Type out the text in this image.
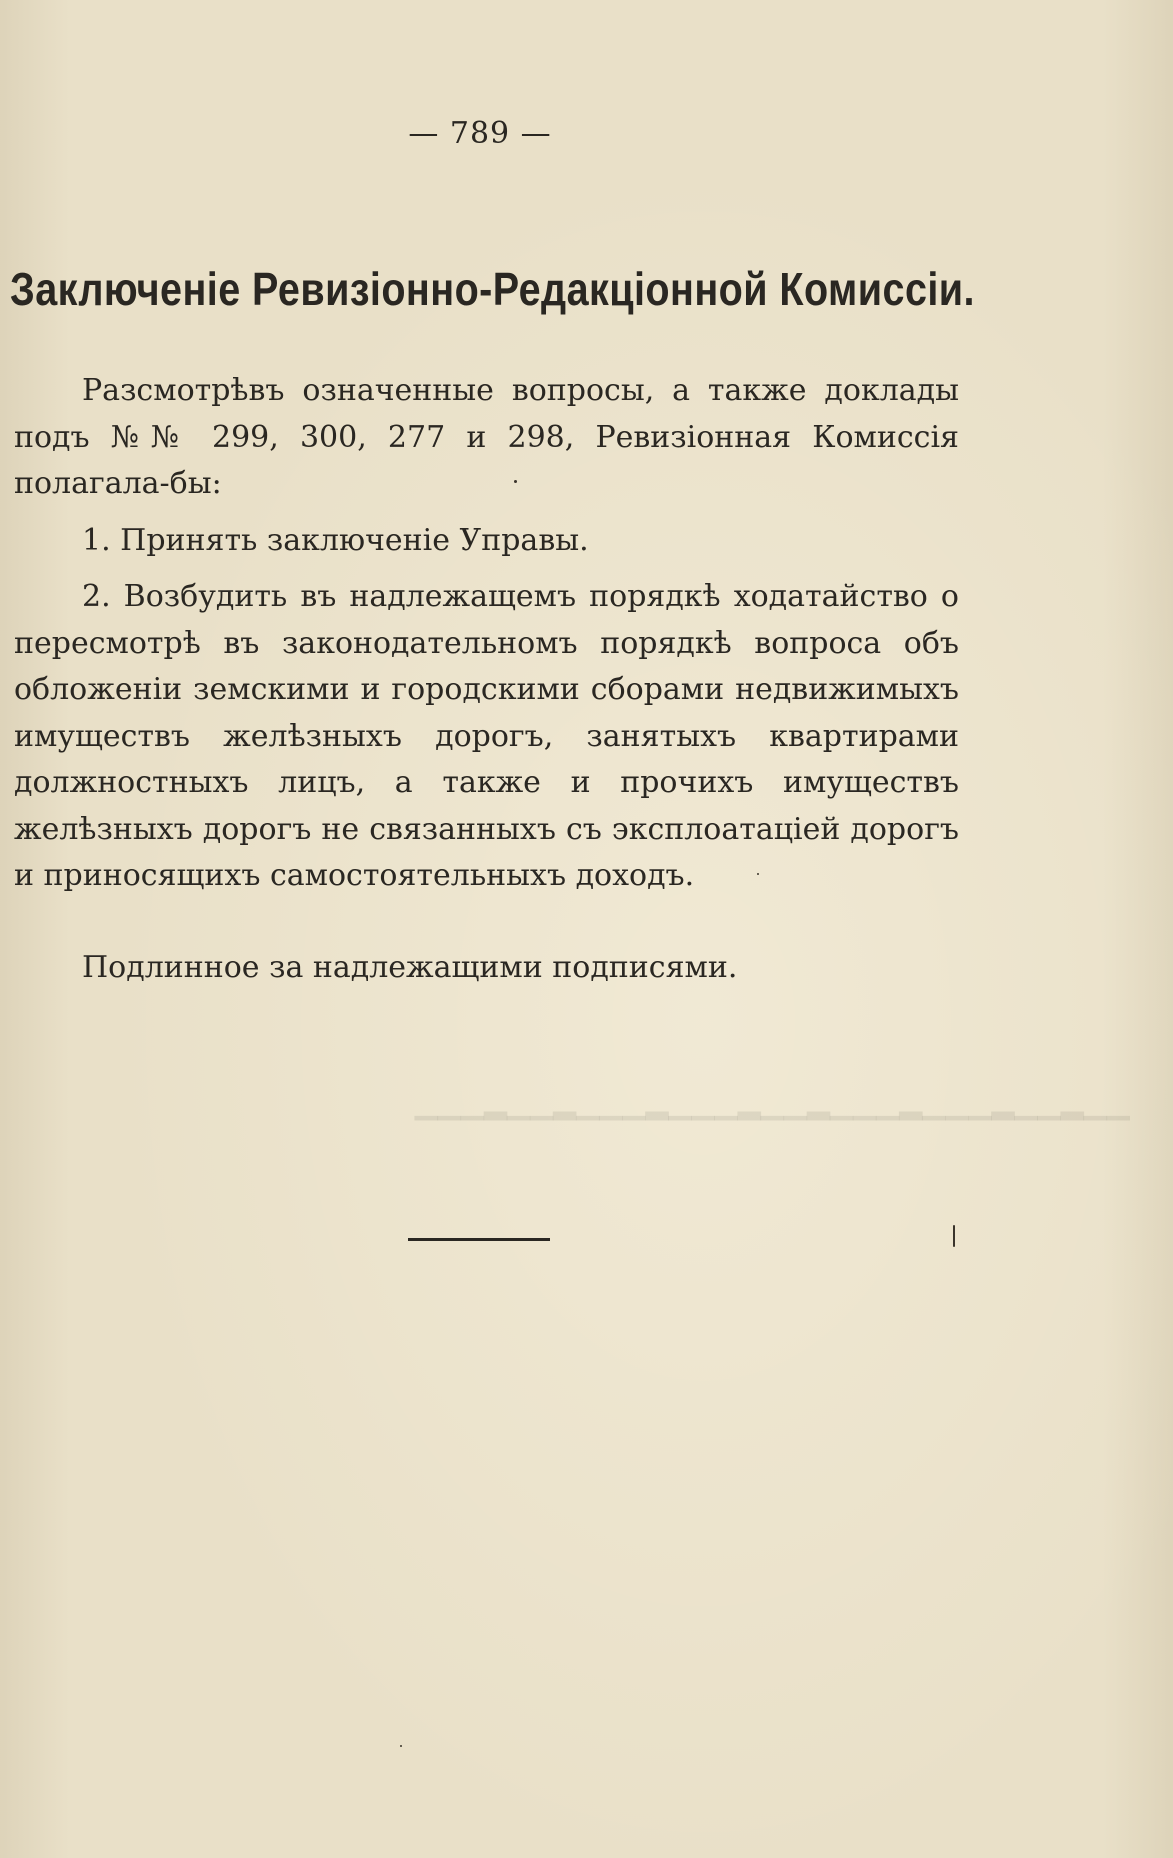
▁▁▂▁▁▂▁▁▁▂▁▁▁▂▁▁▂▁▁▁▂▁▁▁▂▁▁▂▁▁▁
— 789 —
Заключеніе Ревизіонно-Редакціонной Комиссіи.

Разсмотрѣвъ означенные вопросы, а также доклады подъ №№ 299, 300, 277 и 298, Ревизіонная Комиссія полагала-бы:

1. Принять заключеніе Управы.

2. Возбудить въ надлежащемъ порядкѣ ходатайство о пересмотрѣ въ законодательномъ порядкѣ вопроса объ обложеніи земскими и городскими сборами недвижимыхъ имуществъ желѣзныхъ дорогъ, занятыхъ квартирами должностныхъ лицъ, а также и прочихъ имуществъ желѣзныхъ дорогъ не связанныхъ съ эксплоатаціей дорогъ и приносящихъ самостоятельныхъ доходъ.

Подлинное за надлежащими подписями.
